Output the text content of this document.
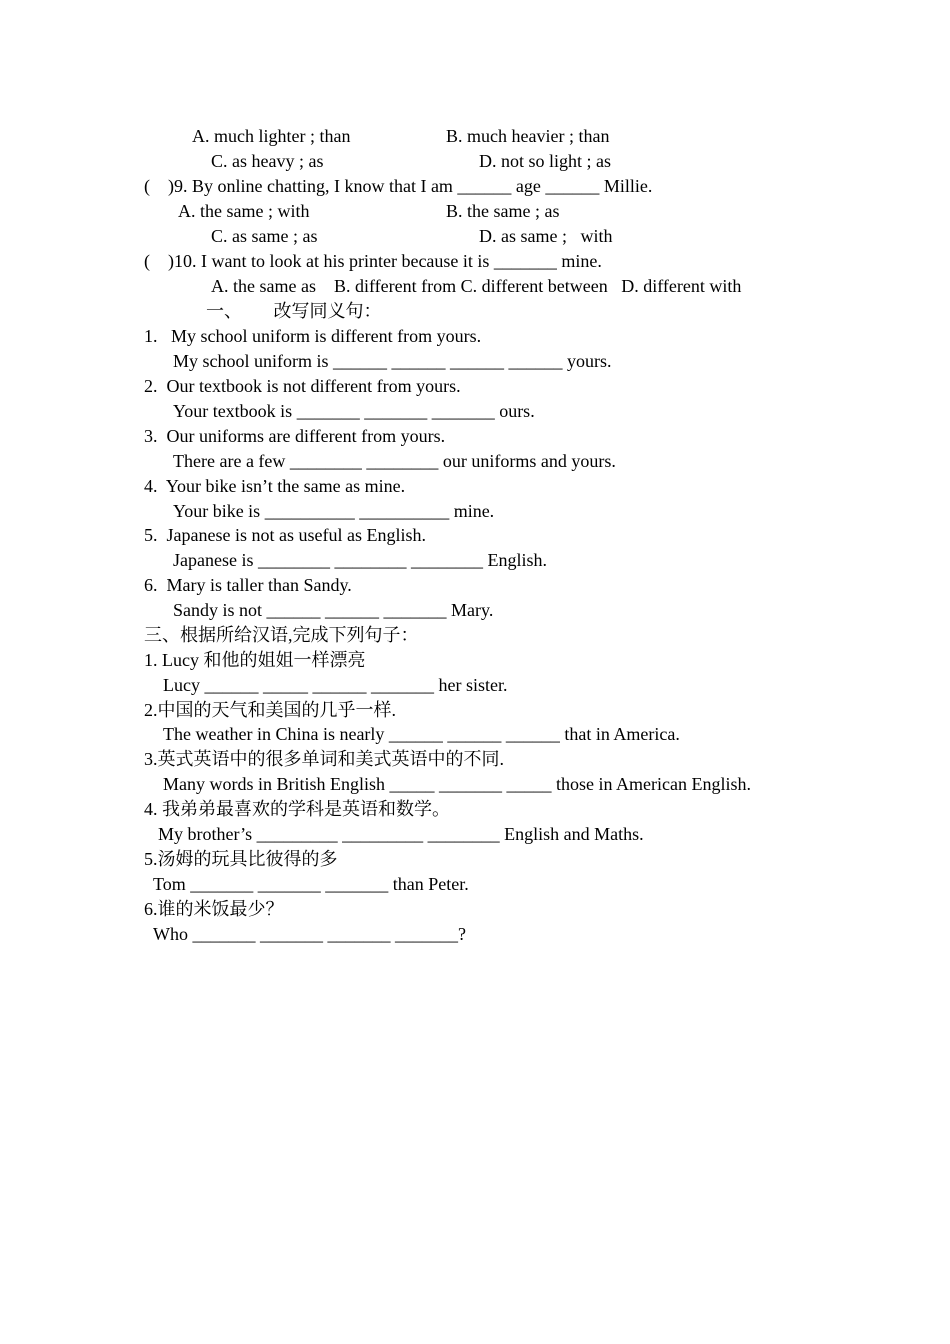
A. much lighter ; than	B. much heavier ; than

C. as heavy ; as	D. not so light ; as

(    )9. By online chatting, I know that I am ______ age ______ Millie.

A. the same ; with	B. the same ; as

C. as same ; as	D. as same ;   with

(    )10. I want to look at his printer because it is _______ mine.

A. the same as    B. different from C. different between   D. different with

一、       改写同义句：

1.   My school uniform is different from yours.

My school uniform is ______ ______ ______ ______ yours.

2.  Our textbook is not different from yours.

Your textbook is _______ _______ _______ ours.

3.  Our uniforms are different from yours.

There are a few ________ ________ our uniforms and yours.

4.  Your bike isn’t the same as mine.

Your bike is __________ __________ mine.

5.  Japanese is not as useful as English.

Japanese is ________ ________ ________ English.

6.  Mary is taller than Sandy.

Sandy is not ______ ______ _______ Mary.

三、根据所给汉语,完成下列句子：

1. Lucy 和他的姐姐一样漂亮

Lucy ______ _____ ______ _______ her sister.

2.中国的天气和美国的几乎一样.

The weather in China is nearly ______ ______ ______ that in America.

3.英式英语中的很多单词和美式英语中的不同.

Many words in British English _____ _______ _____ those in American English.

4. 我弟弟最喜欢的学科是英语和数学。

My brother’s _________ _________ ________ English and Maths.

5.汤姆的玩具比彼得的多

Tom _______ _______ _______ than Peter.

6.谁的米饭最少？

Who _______ _______ _______ _______?
